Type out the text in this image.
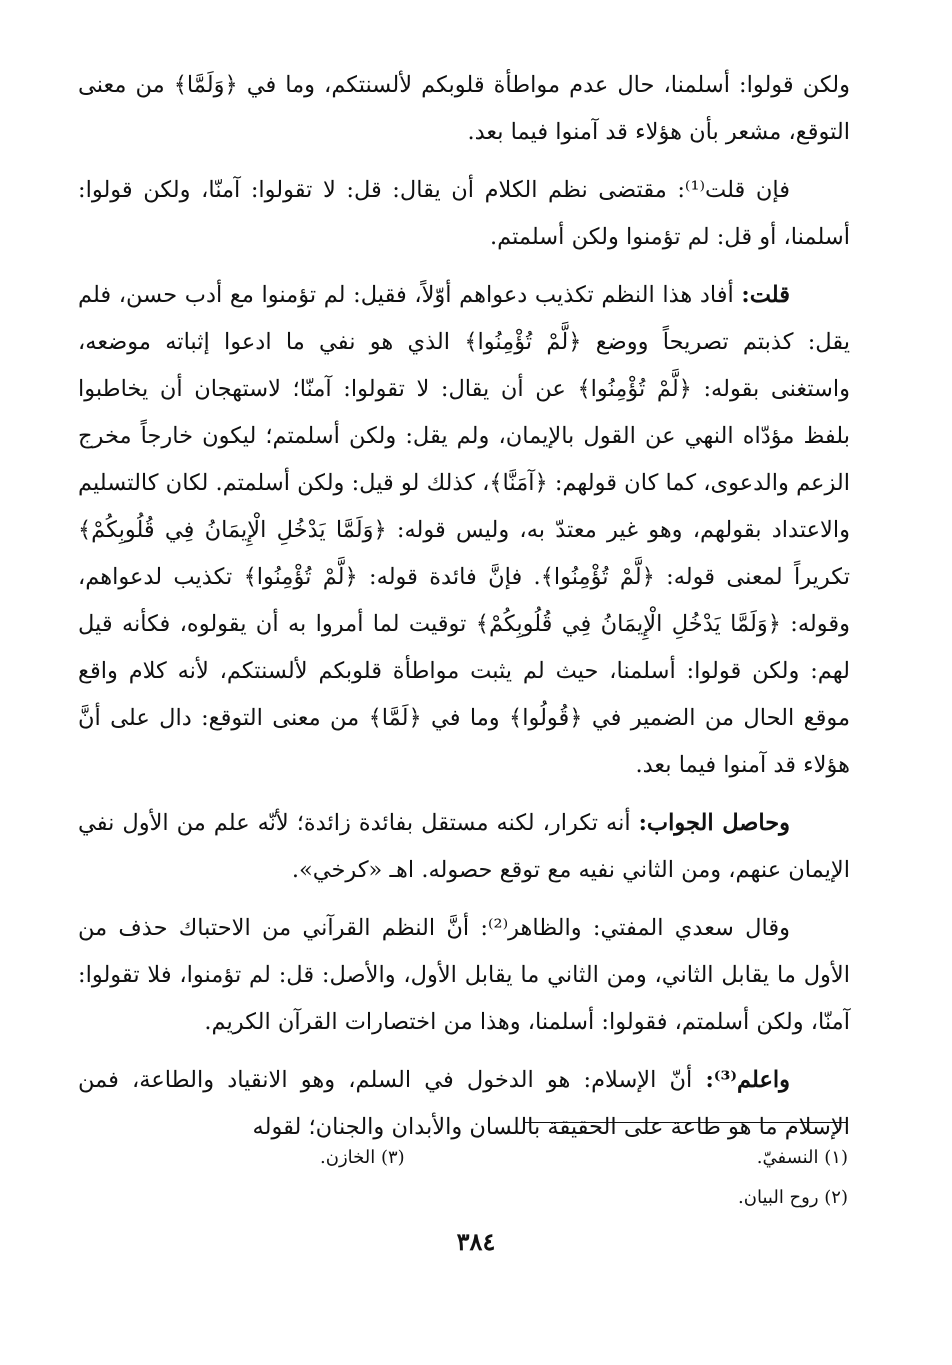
ولكن قولوا: أسلمنا، حال عدم مواطأة قلوبكم لألسنتكم، وما في ﴿وَلَمَّا﴾ من معنى التوقع، مشعر بأن هؤلاء قد آمنوا فيما بعد.

فإن قلت⁽¹⁾: مقتضى نظم الكلام أن يقال: قل: لا تقولوا: آمنّا، ولكن قولوا: أسلمنا، أو قل: لم تؤمنوا ولكن أسلمتم.

قلت: أفاد هذا النظم تكذيب دعواهم أوّلاً، فقيل: لم تؤمنوا مع أدب حسن، فلم يقل: كذبتم تصريحاً ووضع ﴿لَّمْ تُؤْمِنُوا﴾ الذي هو نفي ما ادعوا إثباته موضعه، واستغنى بقوله: ﴿لَّمْ تُؤْمِنُوا﴾ عن أن يقال: لا تقولوا: آمنّا؛ لاستهجان أن يخاطبوا بلفظ مؤدّاه النهي عن القول بالإيمان، ولم يقل: ولكن أسلمتم؛ ليكون خارجاً مخرج الزعم والدعوى، كما كان قولهم: ﴿آمَنَّا﴾، كذلك لو قيل: ولكن أسلمتم. لكان كالتسليم والاعتداد بقولهم، وهو غير معتدّ به، وليس قوله: ﴿وَلَمَّا يَدْخُلِ الْإِيمَانُ فِي قُلُوبِكُمْ﴾ تكريراً لمعنى قوله: ﴿لَّمْ تُؤْمِنُوا﴾. فإنَّ فائدة قوله: ﴿لَّمْ تُؤْمِنُوا﴾ تكذيب لدعواهم، وقوله: ﴿وَلَمَّا يَدْخُلِ الْإِيمَانُ فِي قُلُوبِكُمْ﴾ توقيت لما أمروا به أن يقولوه، فكأنه قيل لهم: ولكن قولوا: أسلمنا، حيث لم يثبت مواطأة قلوبكم لألسنتكم، لأنه كلام واقع موقع الحال من الضمير في ﴿قُولُوا﴾ وما في ﴿لَمَّا﴾ من معنى التوقع: دال على أنَّ هؤلاء قد آمنوا فيما بعد.

وحاصل الجواب: أنه تكرار، لكنه مستقل بفائدة زائدة؛ لأنّه علم من الأول نفي الإيمان عنهم، ومن الثاني نفيه مع توقع حصوله. اهـ «كرخي».

وقال سعدي المفتي: والظاهر⁽²⁾: أنَّ النظم القرآني من الاحتباك حذف من الأول ما يقابل الثاني، ومن الثاني ما يقابل الأول، والأصل: قل: لم تؤمنوا، فلا تقولوا: آمنّا، ولكن أسلمتم، فقولوا: أسلمنا، وهذا من اختصارات القرآن الكريم.

واعلم⁽³⁾: أنّ الإسلام: هو الدخول في السلم، وهو الانقياد والطاعة، فمن الإسلام ما هو طاعة على الحقيقة باللسان والأبدان والجنان؛ لقوله

(١) النسفيّ.
(٣) الخازن.
(٢) روح البيان.
٣٨٤
